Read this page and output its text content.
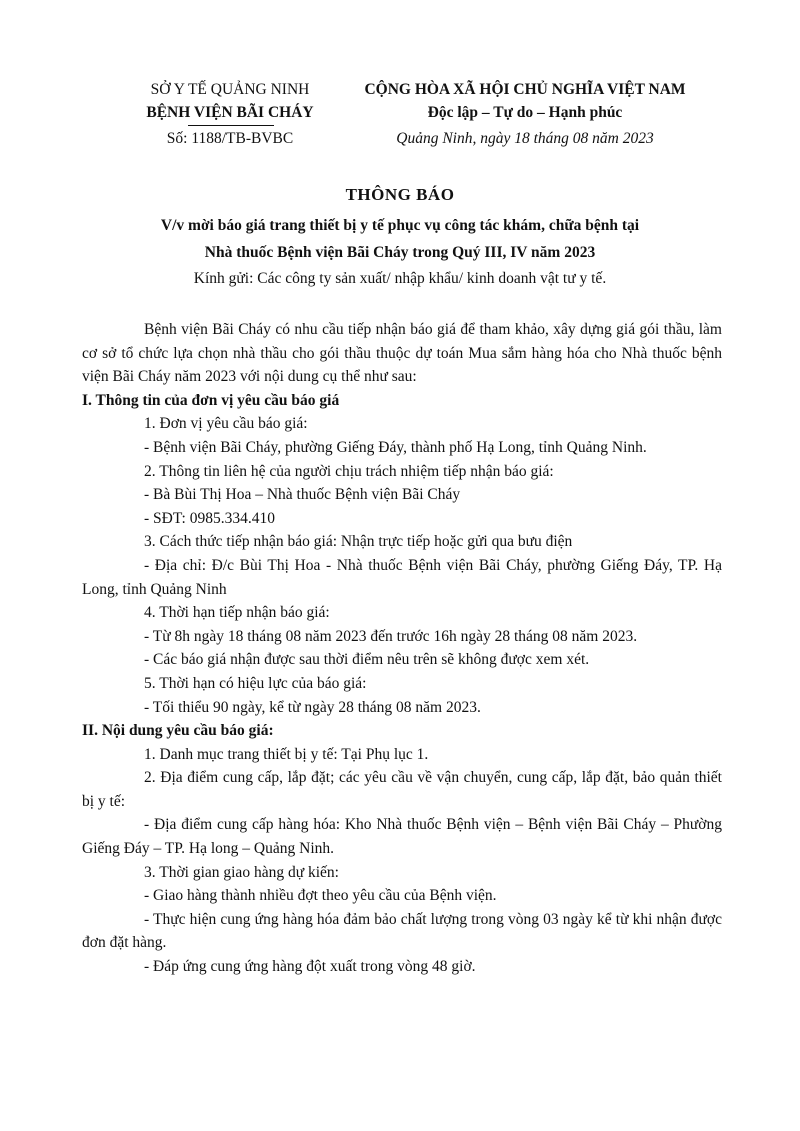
SỞ Y TẾ QUẢNG NINH
BỆNH VIỆN BÃI CHÁY
Số: 1188/TB-BVBC
CỘNG HÒA XÃ HỘI CHỦ NGHĨA VIỆT NAM
Độc lập – Tự do – Hạnh phúc
Quảng Ninh, ngày 18 tháng 08 năm 2023
THÔNG BÁO
V/v mời báo giá trang thiết bị y tế phục vụ công tác khám, chữa bệnh tại
Nhà thuốc Bệnh viện Bãi Cháy trong Quý III, IV năm 2023
Kính gửi: Các công ty sản xuất/ nhập khẩu/ kinh doanh vật tư y tế.

Bệnh viện Bãi Cháy có nhu cầu tiếp nhận báo giá để tham khảo, xây dựng giá gói thầu, làm cơ sở tổ chức lựa chọn nhà thầu cho gói thầu thuộc dự toán Mua sắm hàng hóa cho Nhà thuốc bệnh viện Bãi Cháy năm 2023 với nội dung cụ thể như sau:

I. Thông tin của đơn vị yêu cầu báo giá

1. Đơn vị yêu cầu báo giá:

- Bệnh viện Bãi Cháy, phường Giếng Đáy, thành phố Hạ Long, tỉnh Quảng Ninh.

2. Thông tin liên hệ của người chịu trách nhiệm tiếp nhận báo giá:

- Bà Bùi Thị Hoa – Nhà thuốc Bệnh viện Bãi Cháy

- SĐT: 0985.334.410

3. Cách thức tiếp nhận báo giá: Nhận trực tiếp hoặc gửi qua bưu điện

- Địa chỉ: Đ/c Bùi Thị Hoa - Nhà thuốc Bệnh viện Bãi Cháy, phường Giếng Đáy, TP. Hạ Long, tỉnh Quảng Ninh

4. Thời hạn tiếp nhận báo giá:

- Từ 8h ngày 18 tháng 08 năm 2023 đến trước 16h ngày 28 tháng 08 năm 2023.

- Các báo giá nhận được sau thời điểm nêu trên sẽ không được xem xét.

5. Thời hạn có hiệu lực của báo giá:

- Tối thiểu 90 ngày, kể từ ngày 28 tháng 08 năm 2023.

II. Nội dung yêu cầu báo giá:

1. Danh mục trang thiết bị y tế: Tại Phụ lục 1.

2. Địa điểm cung cấp, lắp đặt; các yêu cầu về vận chuyển, cung cấp, lắp đặt, bảo quản thiết bị y tế:

- Địa điểm cung cấp hàng hóa: Kho Nhà thuốc Bệnh viện – Bệnh viện Bãi Cháy – Phường Giếng Đáy – TP. Hạ long – Quảng Ninh.

3. Thời gian giao hàng dự kiến:

- Giao hàng thành nhiều đợt theo yêu cầu của Bệnh viện.

- Thực hiện cung ứng hàng hóa đảm bảo chất lượng trong vòng 03 ngày kể từ khi nhận được đơn đặt hàng.

- Đáp ứng cung ứng hàng đột xuất trong vòng 48 giờ.
